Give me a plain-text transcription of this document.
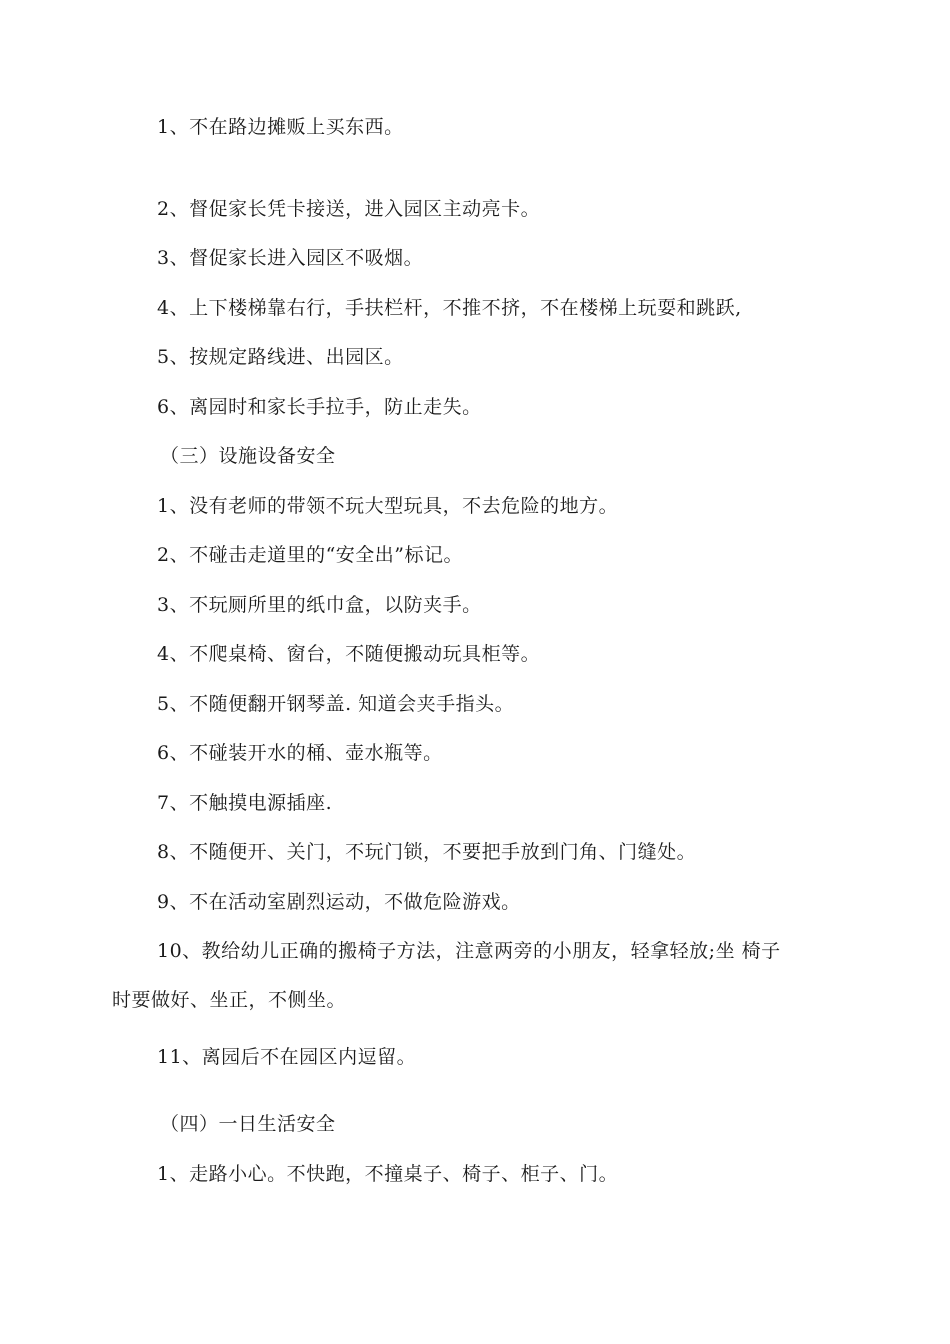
1、不在路边摊贩上买东西。
2、督促家长凭卡接送，进入园区主动亮卡。
3、督促家长进入园区不吸烟。
4、上下楼梯靠右行，手扶栏杆，不推不挤，不在楼梯上玩耍和跳跃,
5、按规定路线进、出园区。
6、离园时和家长手拉手，防止走失。
（三）设施设备安全
1、没有老师的带领不玩大型玩具，不去危险的地方。
2、不碰击走道里的“安全出”标记。
3、不玩厕所里的纸巾盒，以防夹手。
4、不爬桌椅、窗台，不随便搬动玩具柜等。
5、不随便翻开钢琴盖. 知道会夹手指头。
6、不碰装开水的桶、壶水瓶等。
7、不触摸电源插座.
8、不随便开、关门，不玩门锁，不要把手放到门角、门缝处。
9、不在活动室剧烈运动，不做危险游戏。
10、教给幼儿正确的搬椅子方法，注意两旁的小朋友，轻拿轻放;坐 椅子
时要做好、坐正，不侧坐。
11、离园后不在园区内逗留。
（四）一日生活安全
1、走路小心。不快跑，不撞桌子、椅子、柜子、门。
